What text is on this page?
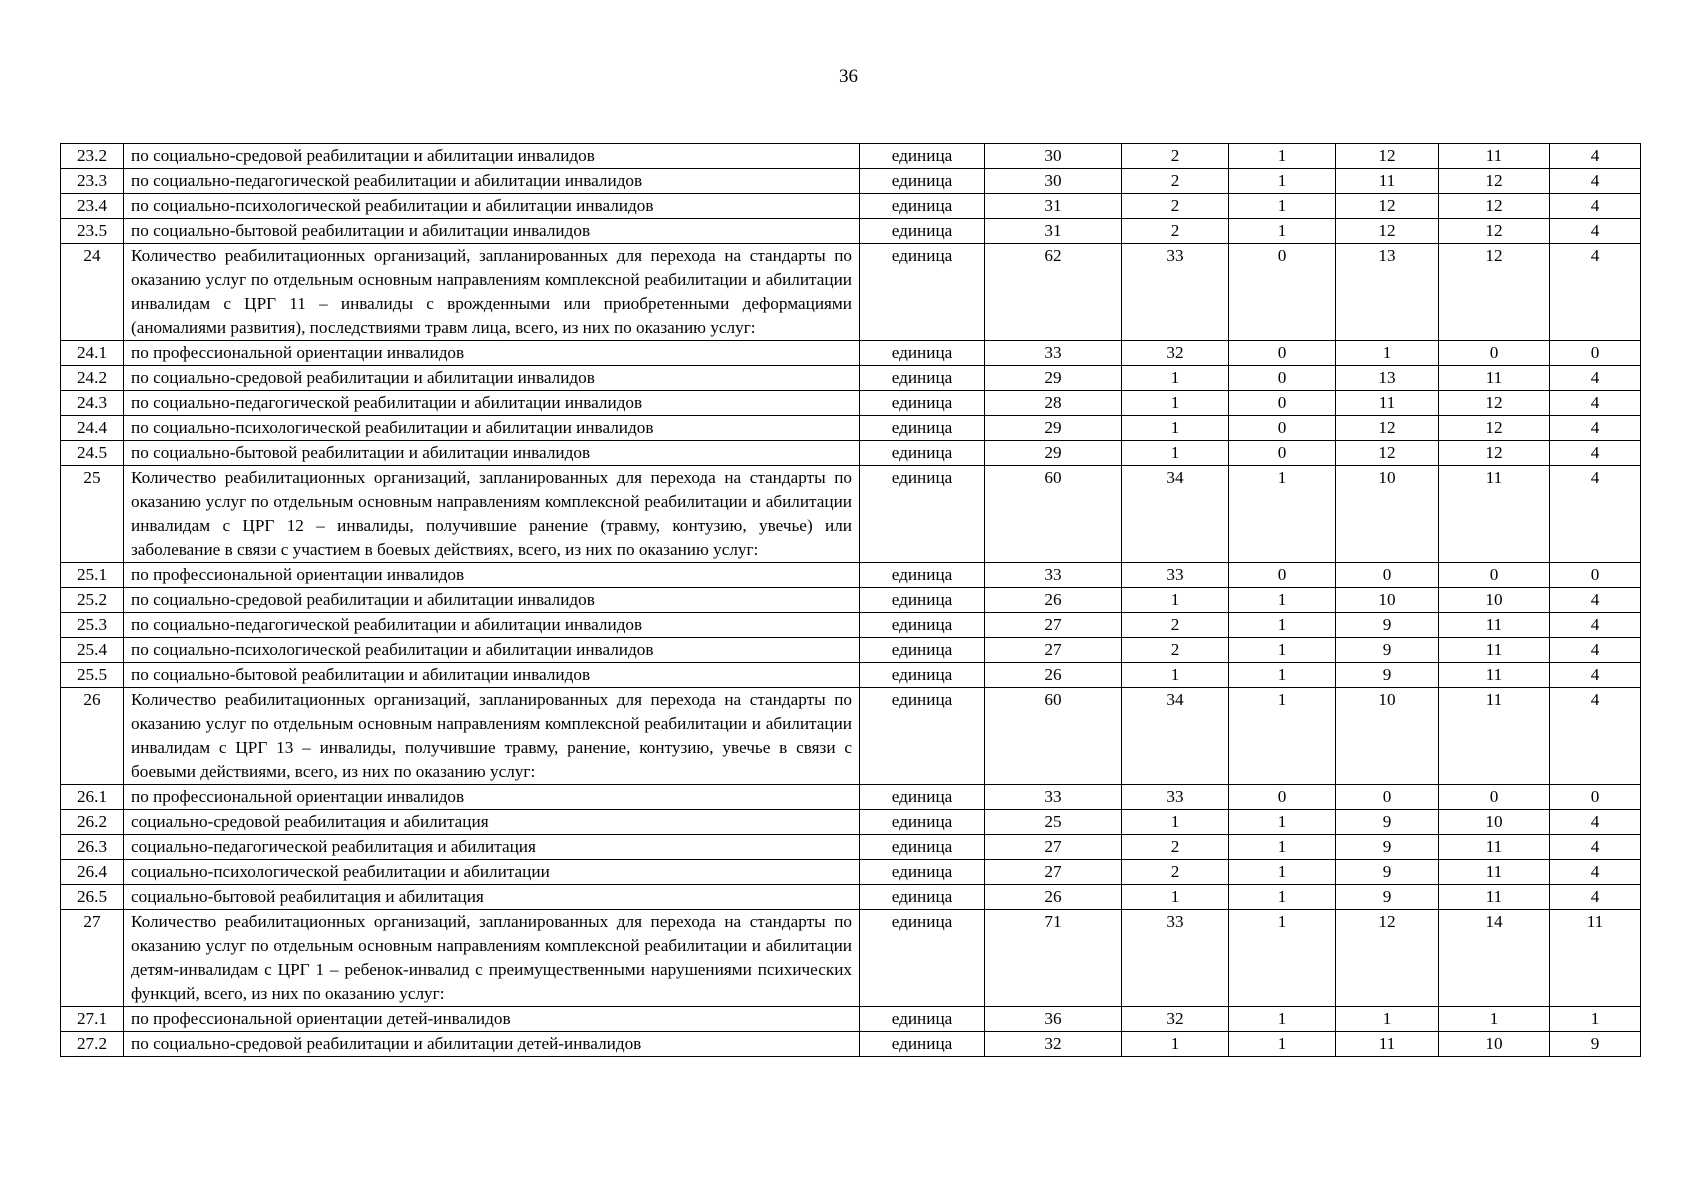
36
23.2	по социально-средовой реабилитации и абилитации инвалидов	единица	30	2	1	12	11	4
23.3	по социально-педагогической реабилитации и абилитации инвалидов	единица	30	2	1	11	12	4
23.4	по социально-психологической реабилитации и абилитации инвалидов	единица	31	2	1	12	12	4
23.5	по социально-бытовой реабилитации и абилитации инвалидов	единица	31	2	1	12	12	4
24	Количество реабилитационных организаций, запланированных для перехода на стандарты по оказанию услуг по отдельным основным направлениям комплексной реабилитации и абилитации инвалидам с ЦРГ 11 – инвалиды с врожденными или приобретенными деформациями (аномалиями развития), последствиями травм лица, всего, из них по оказанию услуг:	единица	62	33	0	13	12	4
24.1	по профессиональной ориентации инвалидов	единица	33	32	0	1	0	0
24.2	по социально-средовой реабилитации и абилитации инвалидов	единица	29	1	0	13	11	4
24.3	по социально-педагогической реабилитации и абилитации инвалидов	единица	28	1	0	11	12	4
24.4	по социально-психологической реабилитации и абилитации инвалидов	единица	29	1	0	12	12	4
24.5	по социально-бытовой реабилитации и абилитации инвалидов	единица	29	1	0	12	12	4
25	Количество реабилитационных организаций, запланированных для перехода на стандарты по оказанию услуг по отдельным основным направлениям комплексной реабилитации и абилитации инвалидам с ЦРГ 12 – инвалиды, получившие ранение (травму, контузию, увечье) или заболевание в связи с участием в боевых действиях, всего, из них по оказанию услуг:	единица	60	34	1	10	11	4
25.1	по профессиональной ориентации инвалидов	единица	33	33	0	0	0	0
25.2	по социально-средовой реабилитации и абилитации инвалидов	единица	26	1	1	10	10	4
25.3	по социально-педагогической реабилитации и абилитации инвалидов	единица	27	2	1	9	11	4
25.4	по социально-психологической реабилитации и абилитации инвалидов	единица	27	2	1	9	11	4
25.5	по социально-бытовой реабилитации и абилитации инвалидов	единица	26	1	1	9	11	4
26	Количество реабилитационных организаций, запланированных для перехода на стандарты по оказанию услуг по отдельным основным направлениям комплексной реабилитации и абилитации инвалидам с ЦРГ 13 – инвалиды, получившие травму, ранение, контузию, увечье в связи с боевыми действиями, всего, из них по оказанию услуг:	единица	60	34	1	10	11	4
26.1	по профессиональной ориентации инвалидов	единица	33	33	0	0	0	0
26.2	социально-средовой реабилитация и абилитация	единица	25	1	1	9	10	4
26.3	социально-педагогической реабилитация и абилитация	единица	27	2	1	9	11	4
26.4	социально-психологической реабилитации и абилитации	единица	27	2	1	9	11	4
26.5	социально-бытовой реабилитация и абилитация	единица	26	1	1	9	11	4
27	Количество реабилитационных организаций, запланированных для перехода на стандарты по оказанию услуг по отдельным основным направлениям комплексной реабилитации и абилитации детям-инвалидам с ЦРГ 1 – ребенок-инвалид с преимущественными нарушениями психических функций, всего, из них по оказанию услуг:	единица	71	33	1	12	14	11
27.1	по профессиональной ориентации детей-инвалидов	единица	36	32	1	1	1	1
27.2	по социально-средовой реабилитации и абилитации детей-инвалидов	единица	32	1	1	11	10	9
